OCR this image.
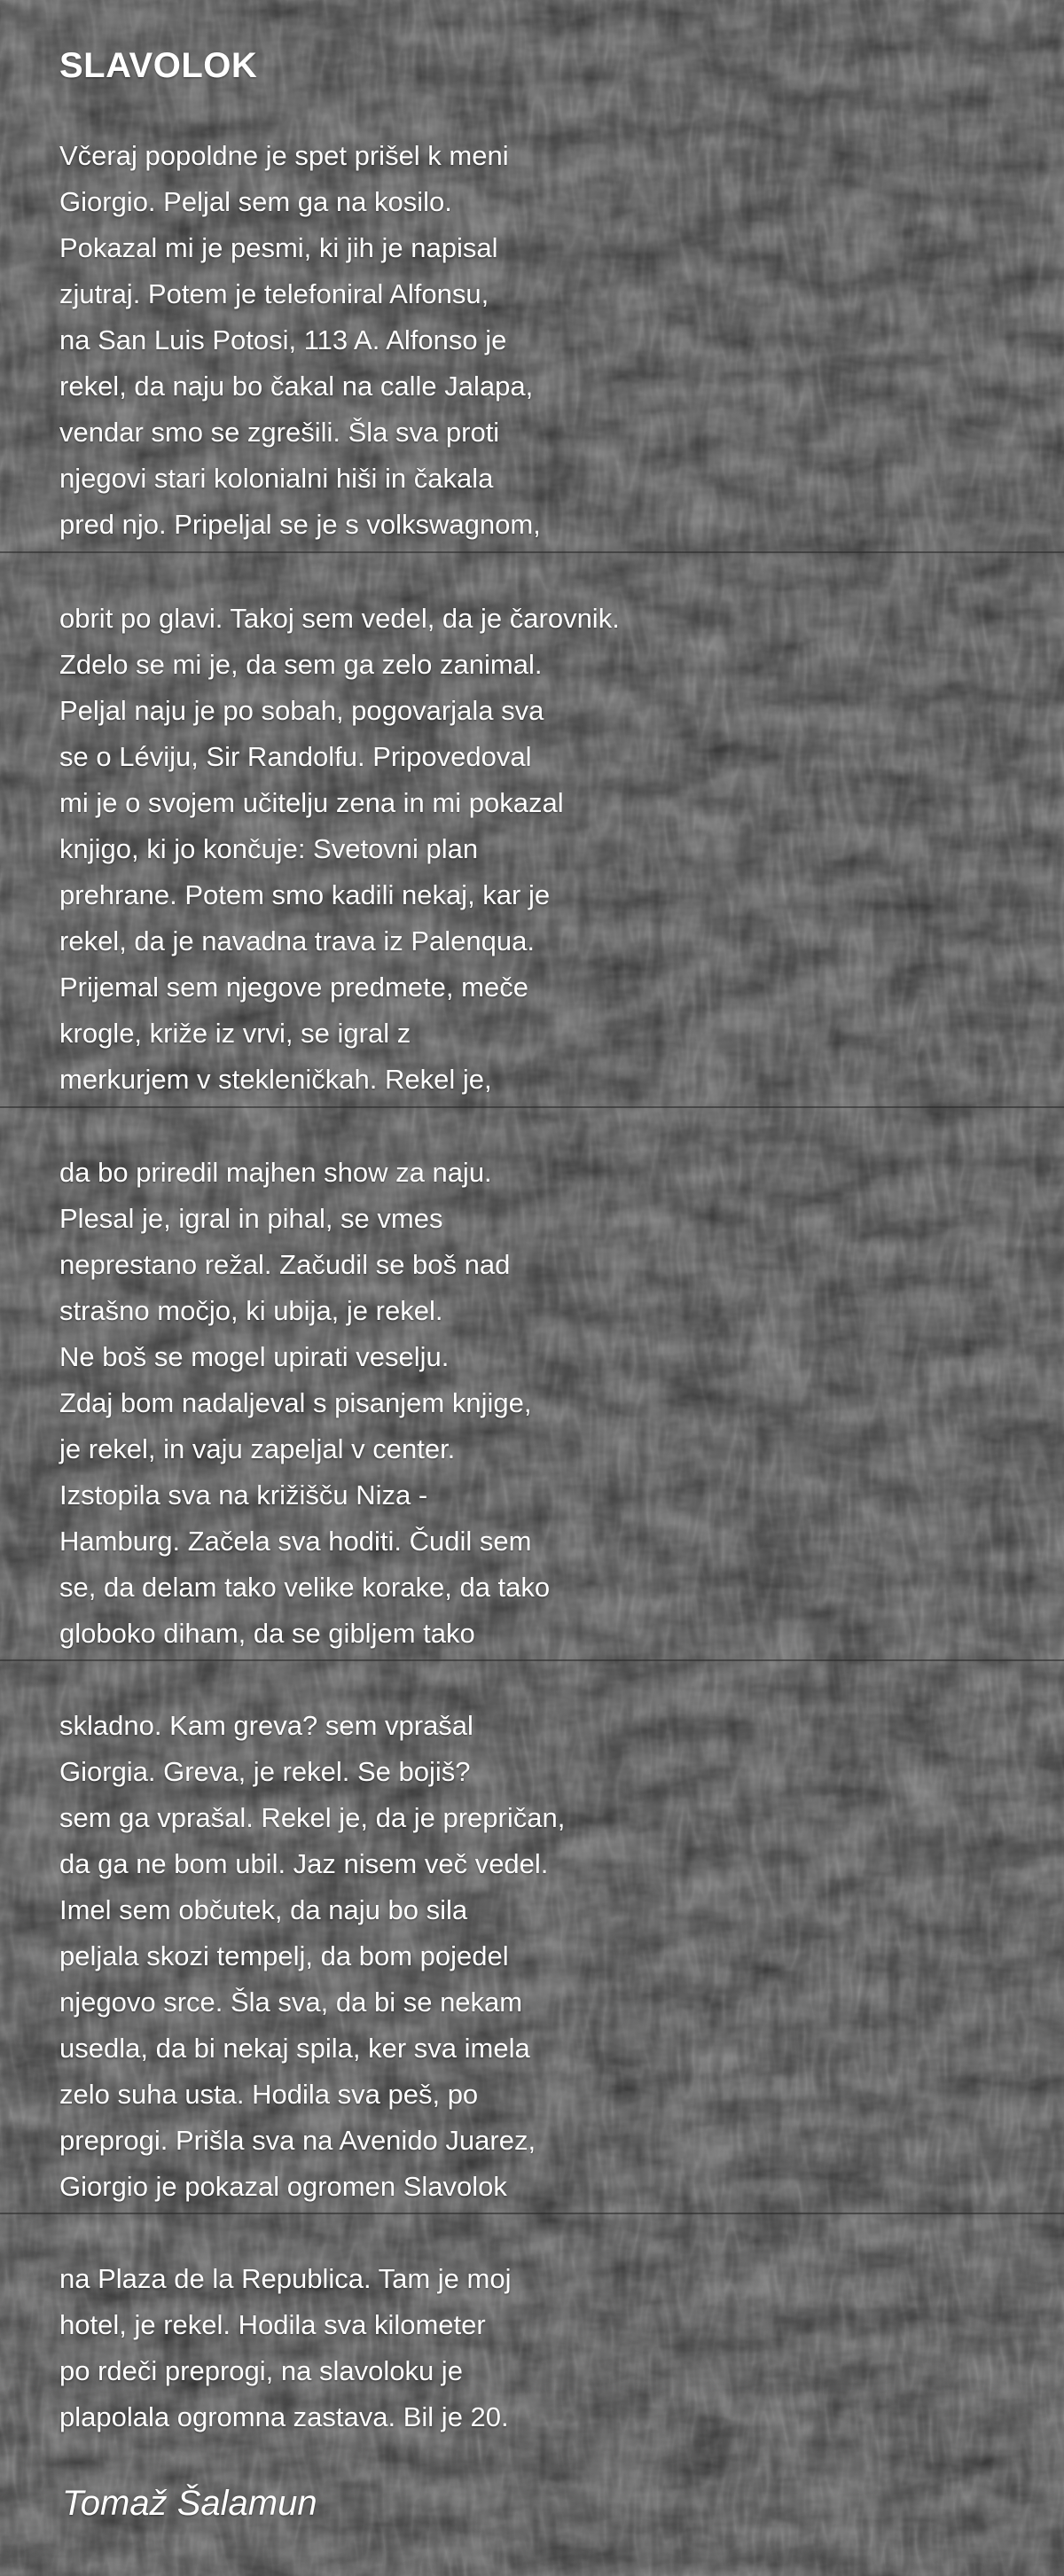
SLAVOLOK
Včeraj popoldne je spet prišel k meni
Giorgio. Peljal sem ga na kosilo.
Pokazal mi je pesmi, ki jih je napisal
zjutraj. Potem je telefoniral Alfonsu,
na San Luis Potosi, 113 A. Alfonso je
rekel, da naju bo čakal na calle Jalapa,
vendar smo se zgrešili. Šla sva proti
njegovi stari kolonialni hiši in čakala
pred njo. Pripeljal se je s volkswagnom,
obrit po glavi. Takoj sem vedel, da je čarovnik.
Zdelo se mi je, da sem ga zelo zanimal.
Peljal naju je po sobah, pogovarjala sva
se o Léviju, Sir Randolfu. Pripovedoval
mi je o svojem učitelju zena in mi pokazal
knjigo, ki jo končuje: Svetovni plan
prehrane. Potem smo kadili nekaj, kar je
rekel, da je navadna trava iz Palenqua.
Prijemal sem njegove predmete, meče
krogle, križe iz vrvi, se igral z
merkurjem v stekleničkah. Rekel je,
da bo priredil majhen show za naju.
Plesal je, igral in pihal, se vmes
neprestano režal. Začudil se boš nad
strašno močjo, ki ubija, je rekel.
Ne boš se mogel upirati veselju.
Zdaj bom nadaljeval s pisanjem knjige,
je rekel, in vaju zapeljal v center.
Izstopila sva na križišču Niza -
Hamburg. Začela sva hoditi. Čudil sem
se, da delam tako velike korake, da tako
globoko diham, da se gibljem tako
skladno. Kam greva? sem vprašal
Giorgia. Greva, je rekel. Se bojiš?
sem ga vprašal. Rekel je, da je prepričan,
da ga ne bom ubil. Jaz nisem več vedel.
Imel sem občutek, da naju bo sila
peljala skozi tempelj, da bom pojedel
njegovo srce. Šla sva, da bi se nekam
usedla, da bi nekaj spila, ker sva imela
zelo suha usta. Hodila sva peš, po
preprogi. Prišla sva na Avenido Juarez,
Giorgio je pokazal ogromen Slavolok
na Plaza de la Republica. Tam je moj
hotel, je rekel. Hodila sva kilometer
po rdeči preprogi, na slavoloku je
plapolala ogromna zastava. Bil je 20.
Tomaž Šalamun
